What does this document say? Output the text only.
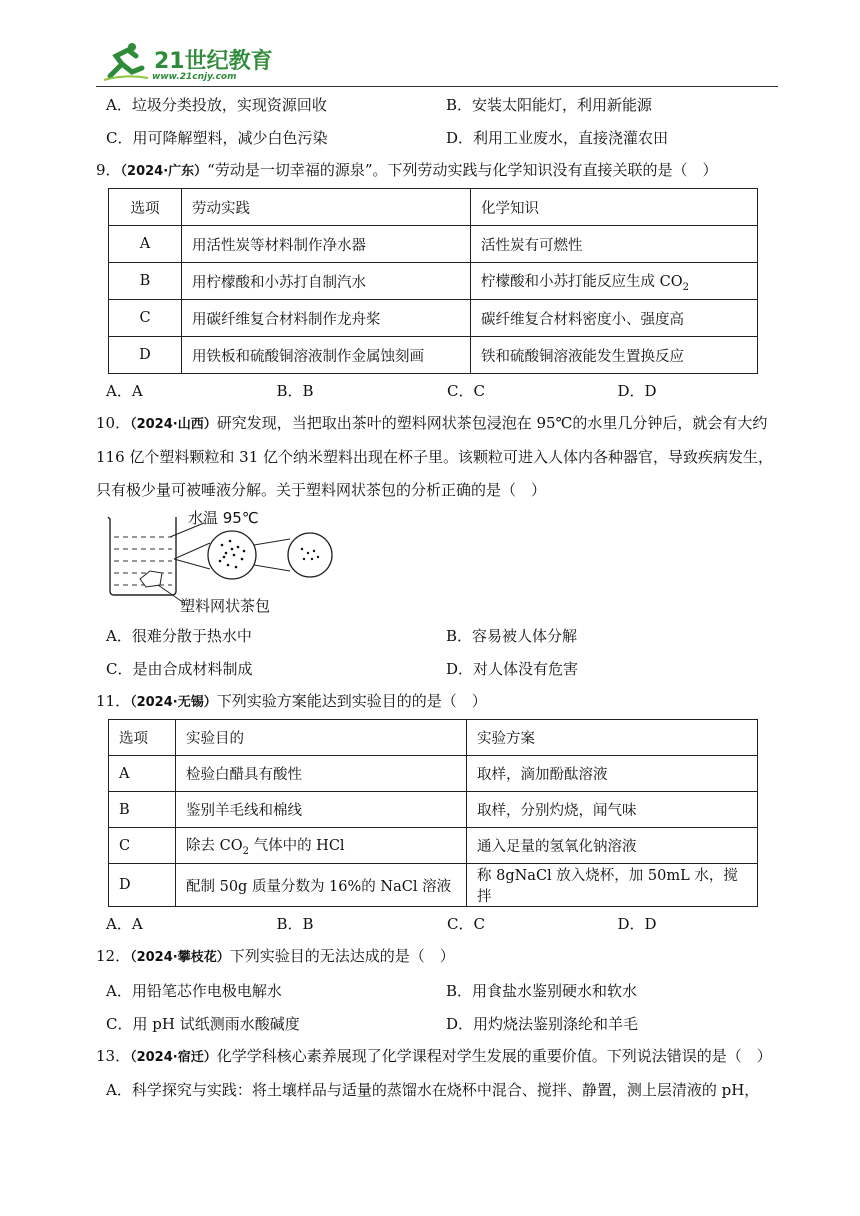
21世纪教育
www.21cnjy.com
A．垃圾分类投放，实现资源回收	B．安装太阳能灯，利用新能源
C．用可降解塑料，减少白色污染	D．利用工业废水，直接浇灌农田
9．（2024·广东）“劳动是一切幸福的源泉”。下列劳动实践与化学知识没有直接关联的是（　）
选项	劳动实践	化学知识
A	用活性炭等材料制作净水器	活性炭有可燃性
B	用柠檬酸和小苏打自制汽水	柠檬酸和小苏打能反应生成 $CO_2$
C	用碳纤维复合材料制作龙舟桨	碳纤维复合材料密度小、强度高
D	用铁板和硫酸铜溶液制作金属蚀刻画	铁和硫酸铜溶液能发生置换反应
A．A	B．B	C．C	D．D
10．（2024·山西）研究发现，当把取出茶叶的塑料网状茶包浸泡在 95℃的水里几分钟后，就会有大约
116 亿个塑料颗粒和 31 亿个纳米塑料出现在杯子里。该颗粒可进入人体内各种器官，导致疾病发生，
只有极少量可被唾液分解。关于塑料网状茶包的分析正确的是（　）
水温 95℃
塑料网状茶包
A．很难分散于热水中	B．容易被人体分解
C．是由合成材料制成	D．对人体没有危害
11．（2024·无锡）下列实验方案能达到实验目的的是（　）
选项	实验目的	实验方案
A	检验白醋具有酸性	取样，滴加酚酞溶液
B	鉴别羊毛线和棉线	取样，分别灼烧，闻气味
C	除去 $CO_2$ 气体中的 HCl	通入足量的氢氧化钠溶液
D	配制 50g 质量分数为 16%的 NaCl 溶液	称 8gNaCl 放入烧杯，加 50mL 水，搅拌
A．A	B．B	C．C	D．D
12．（2024·攀枝花）下列实验目的无法达成的是（　）
A．用铅笔芯作电极电解水	B．用食盐水鉴别硬水和软水
C．用 pH 试纸测雨水酸碱度	D．用灼烧法鉴别涤纶和羊毛
13．（2024·宿迁）化学学科核心素养展现了化学课程对学生发展的重要价值。下列说法错误的是（　）
A．科学探究与实践：将土壤样品与适量的蒸馏水在烧杯中混合、搅拌、静置，测上层清液的 pH，
